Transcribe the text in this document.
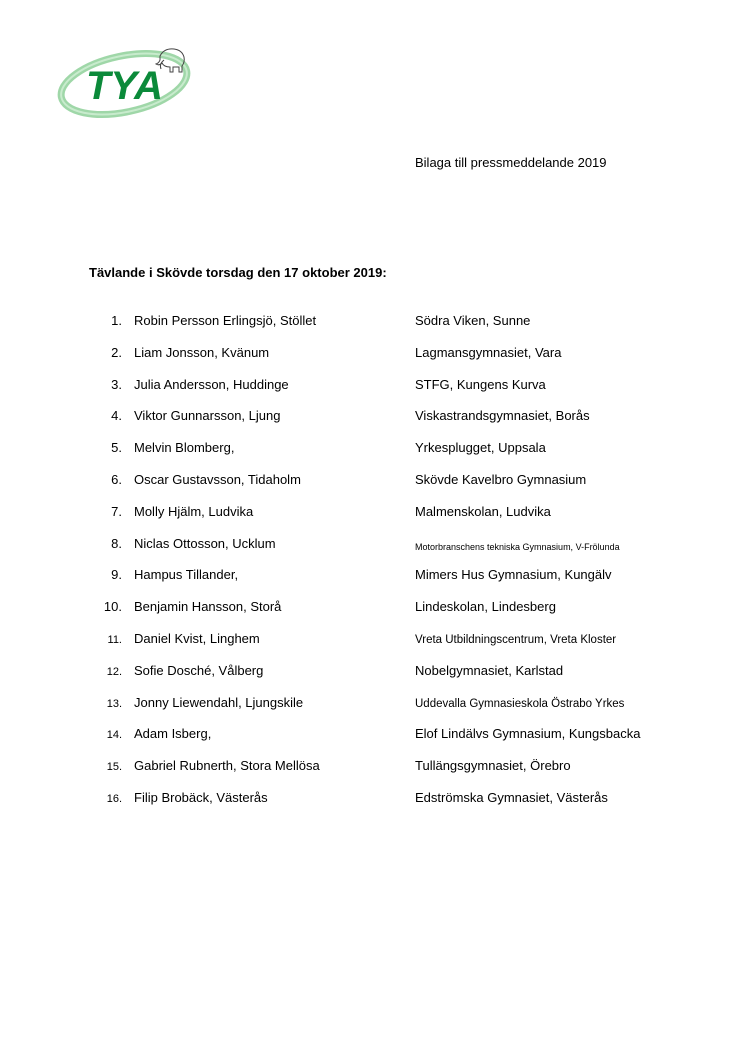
TYA
Bilaga till pressmeddelande 2019
Tävlande i Skövde torsdag den 17 oktober 2019:
1. Robin Persson Erlingsjö, Stöllet	Södra Viken, Sunne
2. Liam Jonsson, Kvänum	Lagmansgymnasiet, Vara
3. Julia Andersson, Huddinge	STFG, Kungens Kurva
4. Viktor Gunnarsson, Ljung	Viskastrandsgymnasiet, Borås
5. Melvin Blomberg,	Yrkesplugget, Uppsala
6. Oscar Gustavsson, Tidaholm	Skövde Kavelbro Gymnasium
7. Molly Hjälm, Ludvika	Malmenskolan, Ludvika
8. Niclas Ottosson, Ucklum	Motorbranschens tekniska Gymnasium, V-Frölunda
9. Hampus Tillander,	Mimers Hus Gymnasium, Kungälv
10. Benjamin Hansson, Storå	Lindeskolan, Lindesberg
11. Daniel Kvist, Linghem	Vreta Utbildningscentrum, Vreta Kloster
12. Sofie Dosché, Vålberg	Nobelgymnasiet, Karlstad
13. Jonny Liewendahl, Ljungskile	Uddevalla Gymnasieskola Östrabo Yrkes
14. Adam Isberg,	Elof Lindälvs Gymnasium, Kungsbacka
15. Gabriel Rubnerth, Stora Mellösa	Tullängsgymnasiet, Örebro
16. Filip Brobäck, Västerås	Edströmska Gymnasiet, Västerås
